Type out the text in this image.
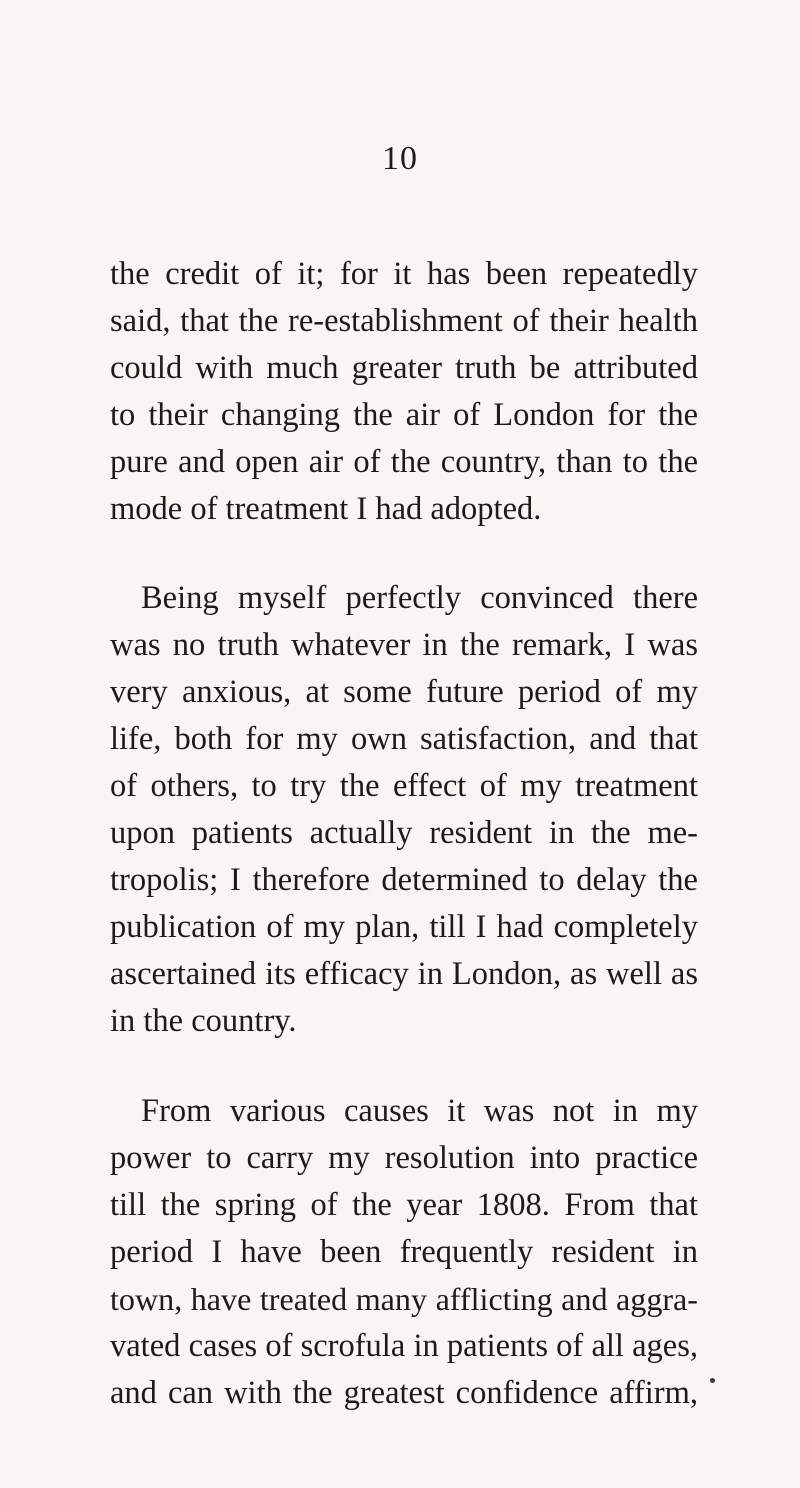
10
the credit of it; for it has been repeatedly
said, that the re-establishment of their health
could with much greater truth be attributed
to their changing the air of London for the
pure and open air of the country, than to the
mode of treatment I had adopted.
Being myself perfectly convinced there
was no truth whatever in the remark, I was
very anxious, at some future period of my
life, both for my own satisfaction, and that
of others, to try the effect of my treatment
upon patients actually resident in the me-
tropolis; I therefore determined to delay the
publication of my plan, till I had completely
ascertained its efficacy in London, as well as
in the country.
From various causes it was not in my
power to carry my resolution into practice
till the spring of the year 1808. From that
period I have been frequently resident in
town, have treated many afflicting and aggra-
vated cases of scrofula in patients of all ages,
and can with the greatest confidence affirm,
